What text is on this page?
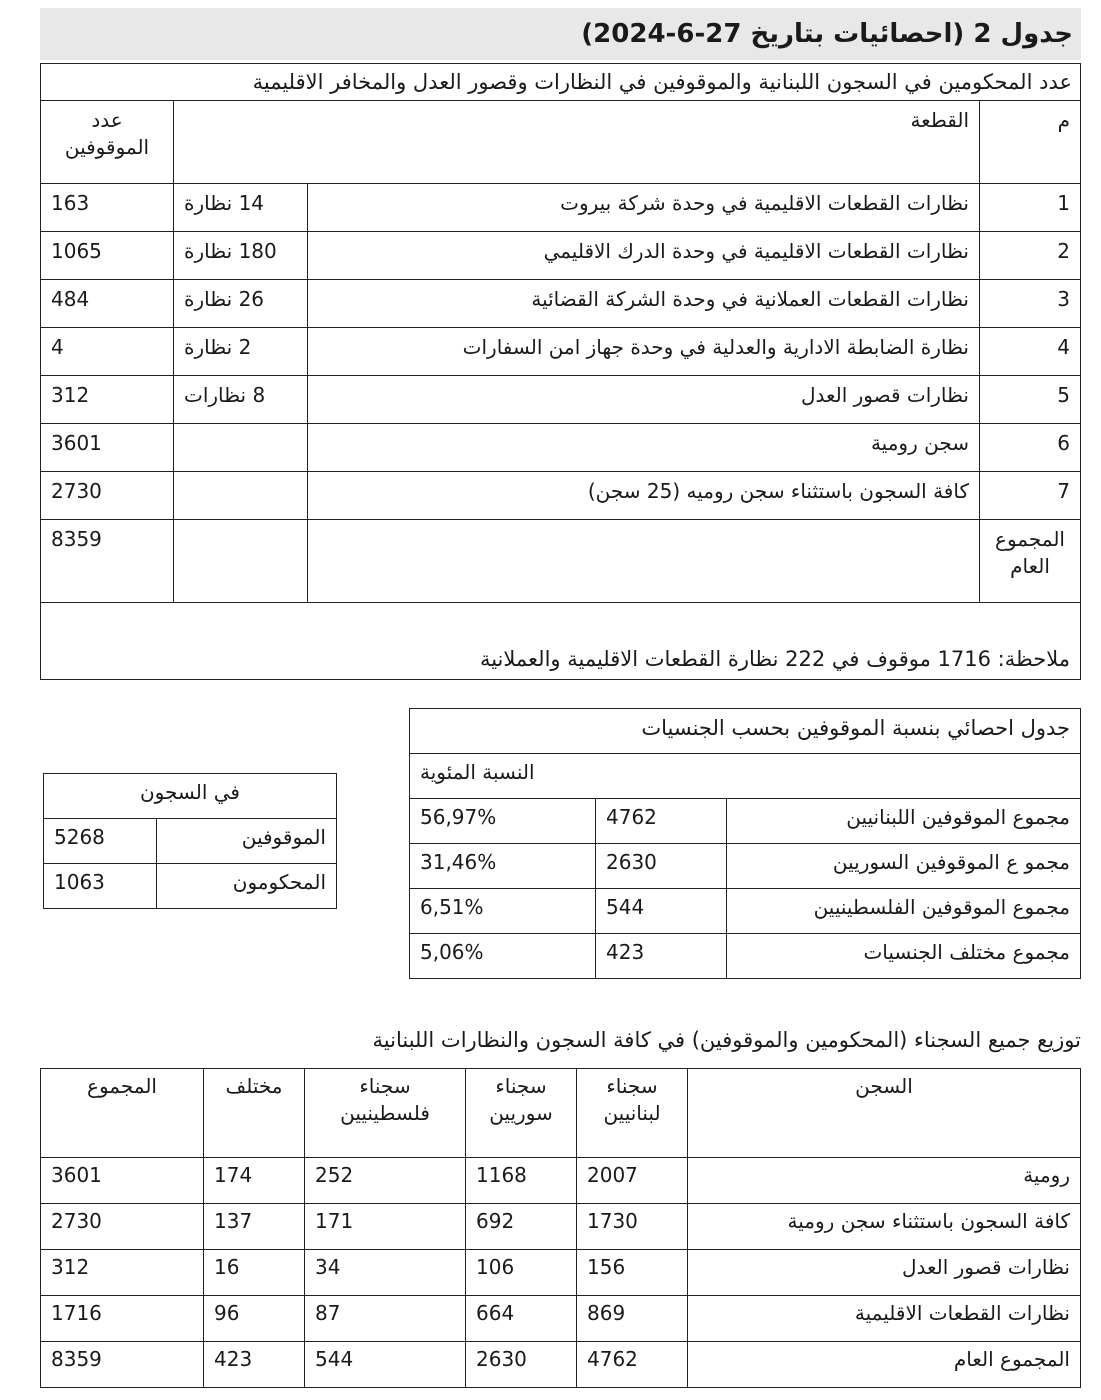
جدول 2 (احصائيات بتاريخ 27-6-2024)
عدد المحكومين في السجون اللبنانية والموقوفين في النظارات وقصور العدل والمخافر الاقليمية			
م	القطعة		عدد الموقوفين
1	نظارات القطعات الاقليمية في وحدة شركة بيروت	14 نظارة	163
2	نظارات القطعات الاقليمية في وحدة الدرك الاقليمي	180 نظارة	1065
3	نظارات القطعات العملانية في وحدة الشركة القضائية	26 نظارة	484
4	نظارة الضابطة الادارية والعدلية في وحدة جهاز امن السفارات	2 نظارة	4
5	نظارات قصور العدل	8 نظارات	312
6	سجن رومية		3601
7	كافة السجون باستثناء سجن روميه (25 سجن)		2730
المجموع العام			8359
ملاحظة: 1716 موقوف في 222 نظارة القطعات الاقليمية والعملانية			
جدول احصائي بنسبة الموقوفين بحسب الجنسيات		
النسبة المئوية		
مجموع الموقوفين اللبنانيين	4762	56,97%
مجمو ع الموقوفين السوريين	2630	31,46%
مجموع الموقوفين الفلسطينيين	544	6,51%
مجموع مختلف الجنسيات	423	5,06%
في السجون	
الموقوفين	5268
المحكومون	1063
توزيع جميع السجناء (المحكومين والموقوفين) في كافة السجون والنظارات اللبنانية
السجن	سجناء لبنانيين	سجناء سوريين	سجناء فلسطينيين	مختلف	المجموع
رومية	2007	1168	252	174	3601
كافة السجون باستثناء سجن رومية	1730	692	171	137	2730
نظارات قصور العدل	156	106	34	16	312
نظارات القطعات الاقليمية	869	664	87	96	1716
المجموع العام	4762	2630	544	423	8359
